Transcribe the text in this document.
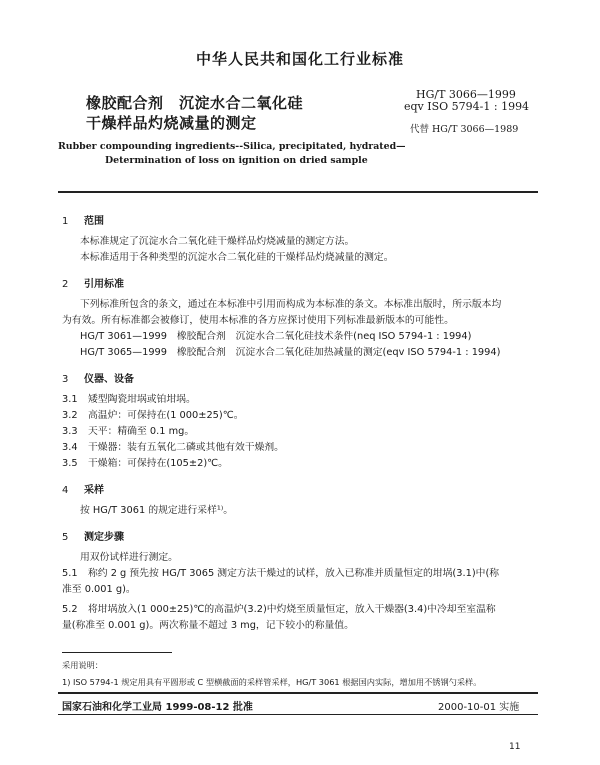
中华人民共和国化工行业标准
橡胶配合剂　沉淀水合二氧化硅
干燥样品灼烧减量的测定
HG/T 3066—1999
eqv ISO 5794-1 : 1994
代替 HG/T 3066—1989
Rubber compounding ingredients--Silica, precipitated, hydrated—
Determination of loss on ignition on dried sample
1 范围
本标准规定了沉淀水合二氧化硅干燥样品灼烧减量的测定方法。
本标准适用于各种类型的沉淀水合二氧化硅的干燥样品灼烧减量的测定。
2 引用标准
下列标准所包含的条文，通过在本标准中引用而构成为本标准的条文。本标准出版时，所示版本均
为有效。所有标准都会被修订，使用本标准的各方应探讨使用下列标准最新版本的可能性。
HG/T 3061—1999　橡胶配合剂　沉淀水合二氧化硅技术条件(neq ISO 5794-1 : 1994)
HG/T 3065—1999　橡胶配合剂　沉淀水合二氧化硅加热减量的测定(eqv ISO 5794-1 : 1994)
3 仪器、设备
3.1 矮型陶瓷坩埚或铂坩埚。
3.2 高温炉：可保持在(1 000±25)℃。
3.3 天平：精确至 0.1 mg。
3.4 干燥器：装有五氧化二磷或其他有效干燥剂。
3.5 干燥箱：可保持在(105±2)℃。
4 采样
按 HG/T 3061 的规定进行采样¹⁾。
5 测定步骤
用双份试样进行测定。
5.1 称约 2 g 预先按 HG/T 3065 测定方法干燥过的试样，放入已称准并质量恒定的坩埚(3.1)中(称
准至 0.001 g)。
5.2 将坩埚放入(1 000±25)℃的高温炉(3.2)中灼烧至质量恒定，放入干燥器(3.4)中冷却至室温称
量(称准至 0.001 g)。两次称量不超过 3 mg，记下较小的称量值。
采用说明：
1) ISO 5794-1 规定用具有平圆形或 C 型横截面的采样管采样，HG/T 3061 根据国内实际，增加用不锈钢勺采样。
国家石油和化学工业局 1999-08-12 批准	2000-10-01 实施
11
